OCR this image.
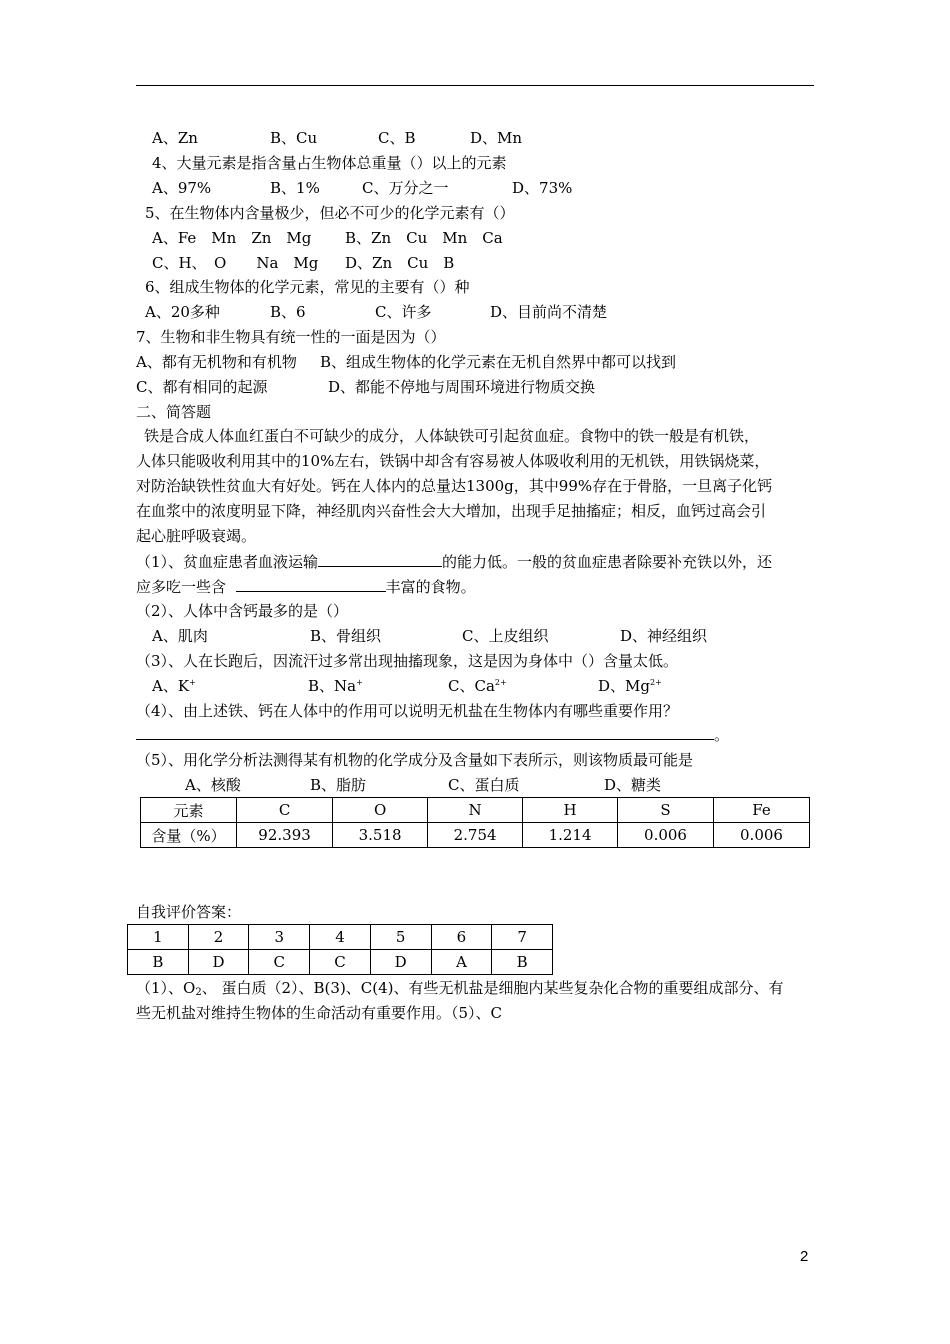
A、Zn	B、Cu	C、B	D、Mn
4、大量元素是指含量占生物体总重量（）以上的元素
A、97%	B、1%	C、万分之一	D、73%
5、在生物体内含量极少，但必不可少的化学元素有（）
A、Fe　Mn　Zn　Mg B、Zn　Cu　Mn　Ca
C、H、　O　　Na　Mg D、Zn　Cu　B
6、组成生物体的化学元素，常见的主要有（）种
A、20多种	B、6	C、许多	D、目前尚不清楚
7、生物和非生物具有统一性的一面是因为（）
A、都有无机物和有机物 B、组成生物体的化学元素在无机自然界中都可以找到
C、都有相同的起源	D、都能不停地与周围环境进行物质交换
二、简答题
铁是合成人体血红蛋白不可缺少的成分，人体缺铁可引起贫血症。食物中的铁一般是有机铁，
人体只能吸收利用其中的10%左右，铁锅中却含有容易被人体吸收利用的无机铁，用铁锅烧菜，
对防治缺铁性贫血大有好处。钙在人体内的总量达1300g，其中99%存在于骨胳，一旦离子化钙
在血浆中的浓度明显下降，神经肌肉兴奋性会大大增加，出现手足抽搐症；相反，血钙过高会引
起心脏呼吸衰竭。
（1）、贫血症患者血液运输	的能力低。一般的贫血症患者除要补充铁以外，还
应多吃一些含	丰富的食物。
（2）、人体中含钙最多的是（）
A、肌肉	B、骨组织	C、上皮组织	D、神经组织
（3）、人在长跑后，因流汗过多常出现抽搐现象，这是因为身体中（）含量太低。
A、K+	B、Na+	C、$Ca^{2+}$	D、$Mg^{2+}$
（4）、由上述铁、钙在人体中的作用可以说明无机盐在生物体内有哪些重要作用？
。
（5）、用化学分析法测得某有机物的化学成分及含量如下表所示，则该物质最可能是
A、核酸	B、脂肪	C、蛋白质	D、糖类
元素	C	O	N	H	S	Fe
含量（%）	92.393	3.518	2.754	1.214	0.006	0.006
自我评价答案：
1	2	3	4	5	6	7
B	D	C	C	D	A	B
（1）、$O_2$、 蛋白质（2）、B(3)、C(4)、有些无机盐是细胞内某些复杂化合物的重要组成部分、有
些无机盐对维持生物体的生命活动有重要作用。（5）、C
2
